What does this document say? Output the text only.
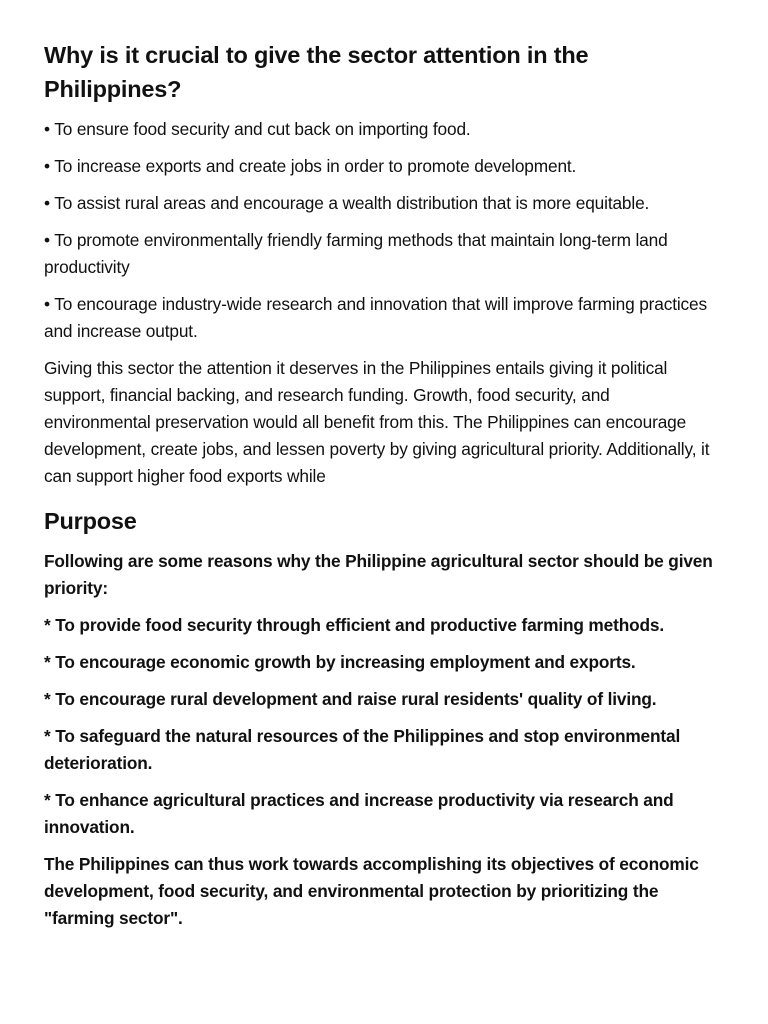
Why is it crucial to give the sector attention in the Philippines?

• To ensure food security and cut back on importing food.

• To increase exports and create jobs in order to promote development.

• To assist rural areas and encourage a wealth distribution that is more equitable.

• To promote environmentally friendly farming methods that maintain long-term land productivity

• To encourage industry-wide research and innovation that will improve farming practices and increase output.

Giving this sector the attention it deserves in the Philippines entails giving it political support, financial backing, and research funding. Growth, food security, and environmental preservation would all benefit from this. The Philippines can encourage development, create jobs, and lessen poverty by giving agricultural priority. Additionally, it can support higher food exports while

Purpose

Following are some reasons why the Philippine agricultural sector should be given priority:

* To provide food security through efficient and productive farming methods.

* To encourage economic growth by increasing employment and exports.

* To encourage rural development and raise rural residents' quality of living.

* To safeguard the natural resources of the Philippines and stop environmental deterioration.

* To enhance agricultural practices and increase productivity via research and innovation.

The Philippines can thus work towards accomplishing its objectives of economic development, food security, and environmental protection by prioritizing the "farming sector".
